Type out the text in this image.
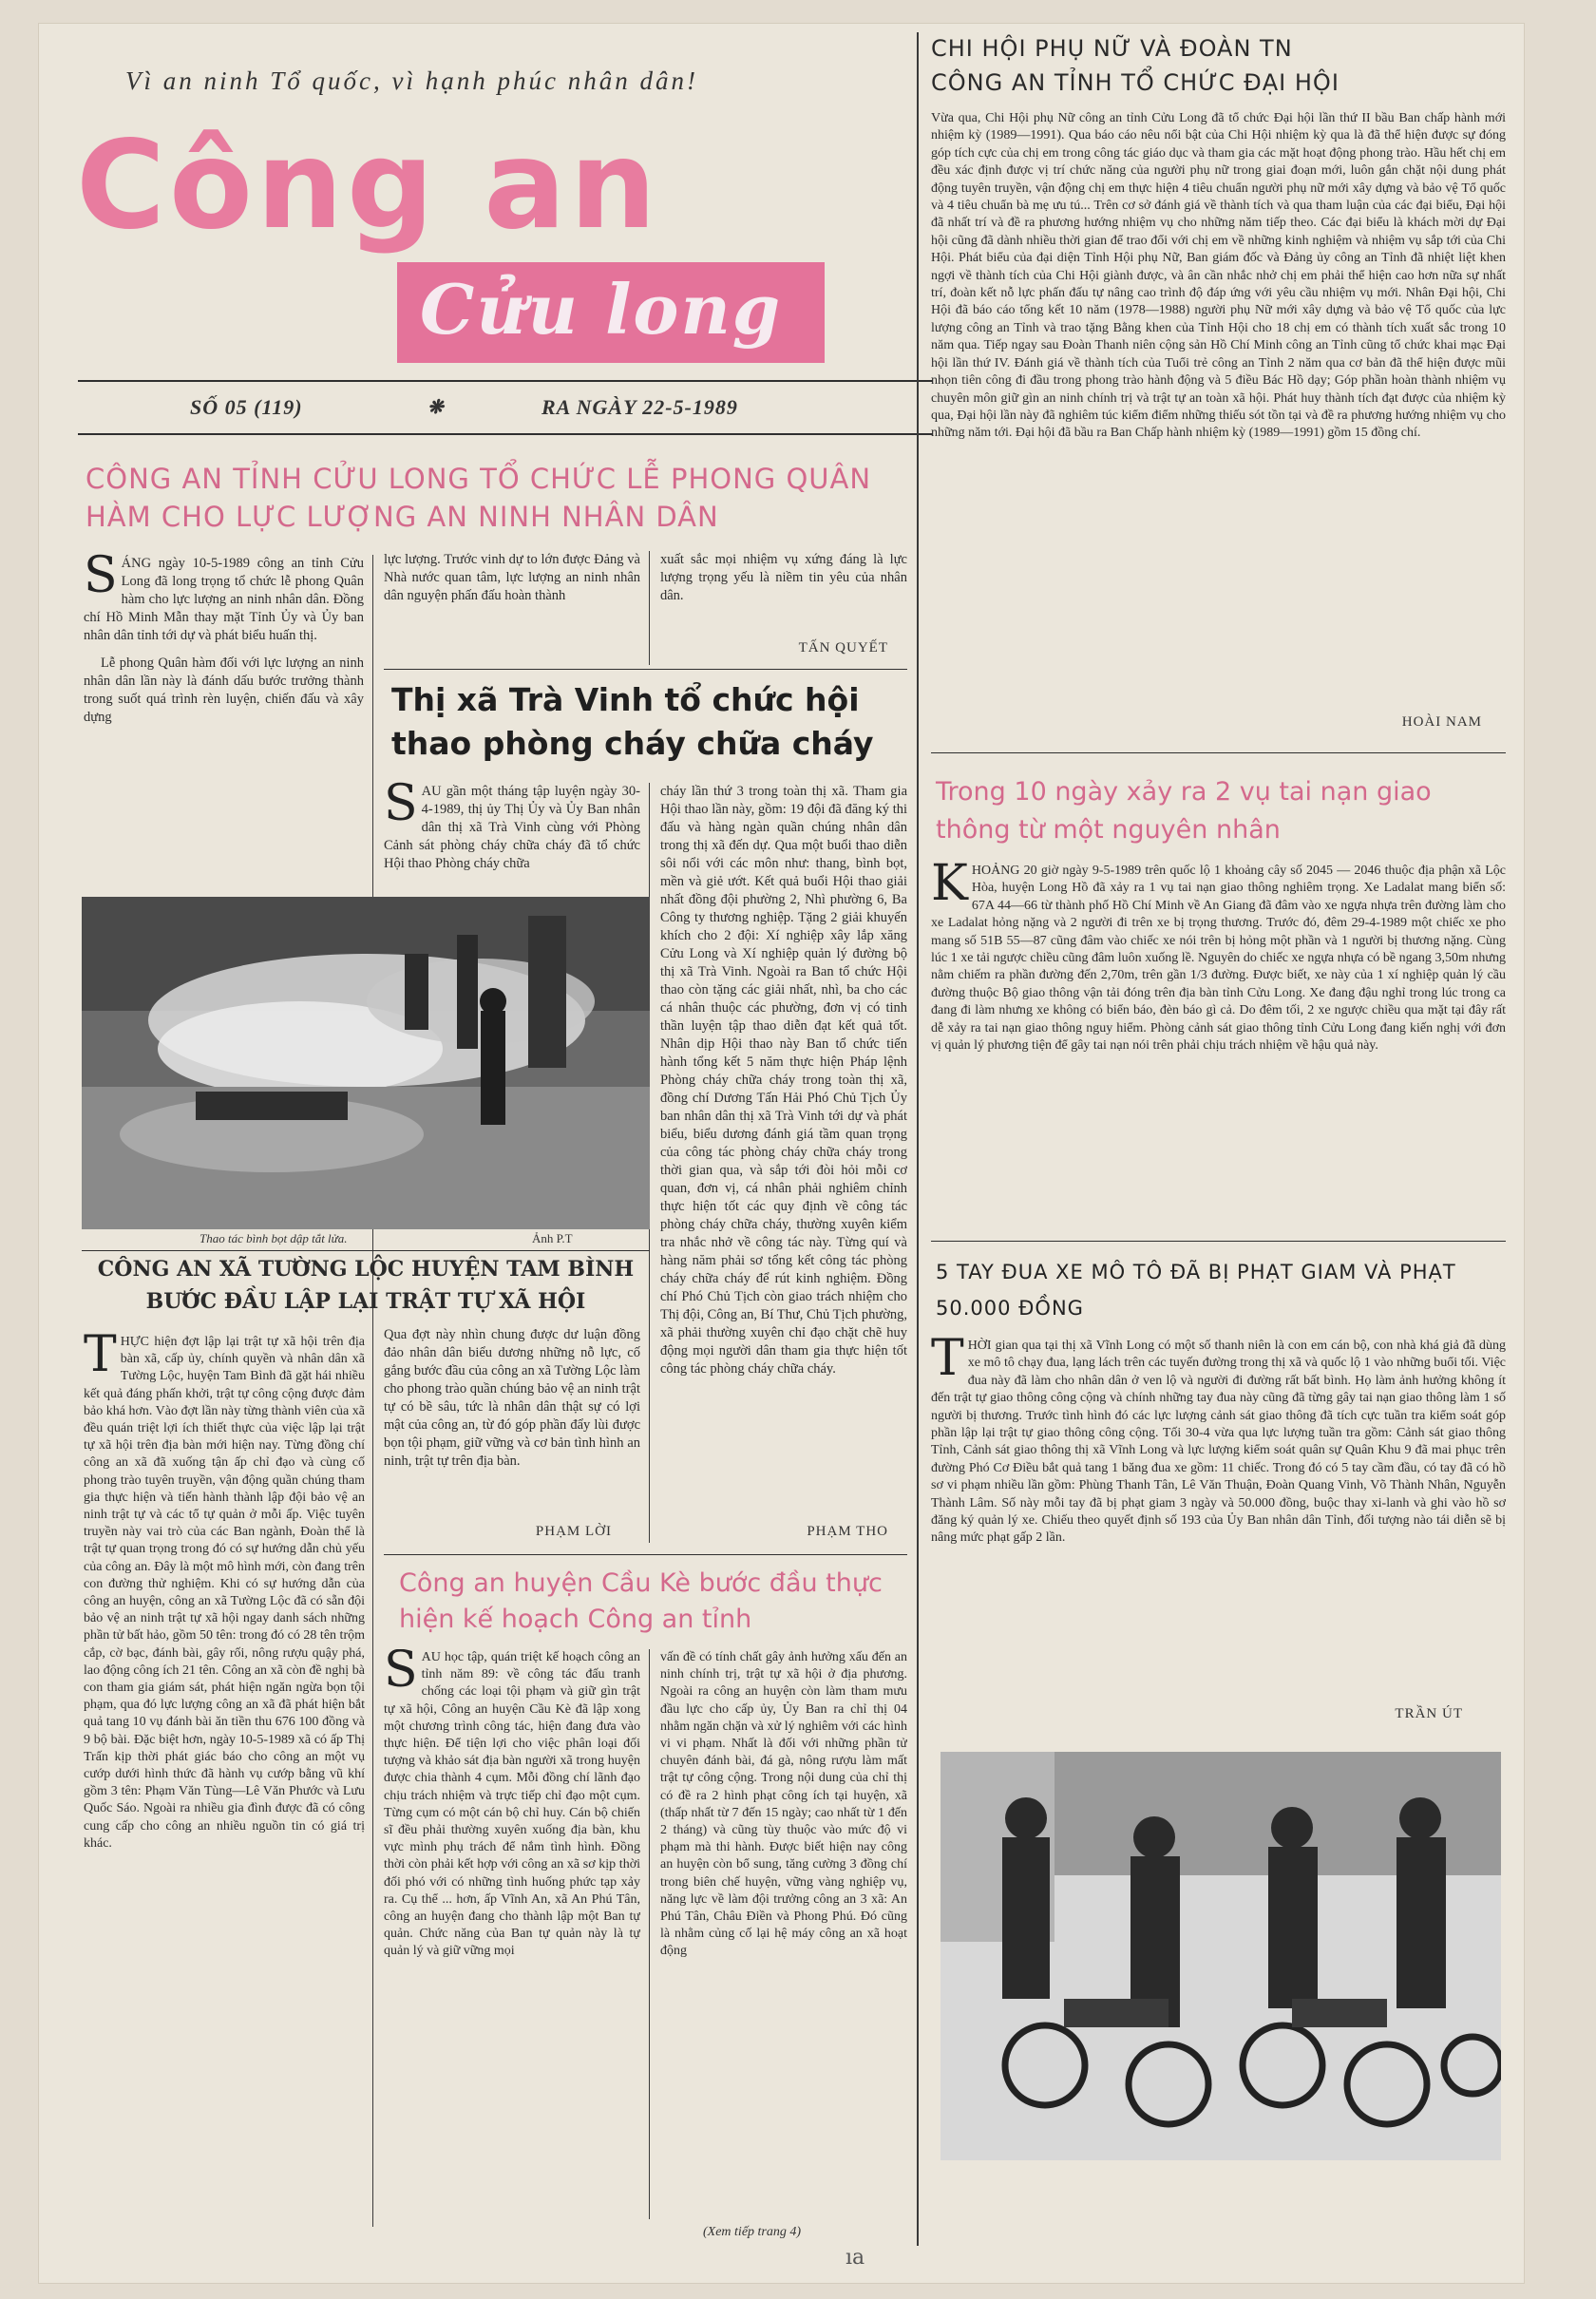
Vì an ninh Tổ quốc, vì hạnh phúc nhân dân!
Công an
Cửu long
SỐ 05 (119)	❋	RA NGÀY 22-5-1989
CÔNG AN TỈNH CỬU LONG TỔ CHỨC LỄ PHONG QUÂN HÀM CHO LỰC LƯỢNG AN NINH NHÂN DÂN
S ÁNG ngày 10-5-1989 công an tỉnh Cửu Long đã long trọng tổ chức lễ phong Quân hàm cho lực lượng an ninh nhân dân. Đồng chí Hồ Minh Mẫn thay mặt Tỉnh Ủy và Ủy ban nhân dân tỉnh tới dự và phát biểu huấn thị.

Lễ phong Quân hàm đối với lực lượng an ninh nhân dân lần này là đánh dấu bước trưởng thành trong suốt quá trình rèn luyện, chiến đấu và xây dựng

lực lượng. Trước vinh dự to lớn được Đảng và Nhà nước quan tâm, lực lượng an ninh nhân dân nguyện phấn đấu hoàn thành
xuất sắc mọi nhiệm vụ xứng đáng là lực lượng trọng yếu là niềm tin yêu của nhân dân.
TẤN QUYẾT
Thị xã Trà Vinh tổ chức hội thao phòng cháy chữa cháy
S AU gần một tháng tập luyện ngày 30-4-1989, thị ủy Thị Ủy và Ủy Ban nhân dân thị xã Trà Vinh cùng với Phòng Cảnh sát phòng cháy chữa cháy đã tổ chức Hội thao Phòng cháy chữa
cháy lần thứ 3 trong toàn thị xã. Tham gia Hội thao lần này, gồm: 19 đội đã đăng ký thi đấu và hàng ngàn quần chúng nhân dân trong thị xã đến dự. Qua một buổi thao diễn sôi nổi với các môn như: thang, bình bọt, mền và giẻ ướt. Kết quả buổi Hội thao giải nhất đồng đội phường 2, Nhì phường 6, Ba Công ty thương nghiệp. Tặng 2 giải khuyến khích cho 2 đội: Xí nghiệp xây lắp xăng Cửu Long và Xí nghiệp quản lý đường bộ thị xã Trà Vinh. Ngoài ra Ban tổ chức Hội thao còn tặng các giải nhất, nhì, ba cho các cá nhân thuộc các phường, đơn vị có tinh thần luyện tập thao diễn đạt kết quả tốt. Nhân dịp Hội thao này Ban tổ chức tiến hành tổng kết 5 năm thực hiện Pháp lệnh Phòng cháy chữa cháy trong toàn thị xã, đồng chí Dương Tấn Hải Phó Chủ Tịch Ủy ban nhân dân thị xã Trà Vinh tới dự và phát biểu, biểu dương đánh giá tầm quan trọng của công tác phòng cháy chữa cháy trong thời gian qua, và sắp tới đòi hỏi mỗi cơ quan, đơn vị, cá nhân phải nghiêm chỉnh thực hiện tốt các quy định về công tác phòng cháy chữa cháy, thường xuyên kiểm tra nhắc nhở về công tác này. Từng quí và hàng năm phải sơ tổng kết công tác phòng cháy chữa cháy để rút kinh nghiệm. Đồng chí Phó Chủ Tịch còn giao trách nhiệm cho Thị đội, Công an, Bí Thư, Chủ Tịch phường, xã phải thường xuyên chỉ đạo chặt chẽ huy động mọi người dân tham gia thực hiện tốt công tác phòng cháy chữa cháy.
PHẠM THO
Thao tác bình bọt dập tắt lửa.	Ảnh P.T
CÔNG AN XÃ TƯỜNG LỘC HUYỆN TAM BÌNH
BƯỚC ĐẦU LẬP LẠI TRẬT TỰ XÃ HỘI
T HỰC hiện đợt lập lại trật tự xã hội trên địa bàn xã, cấp ủy, chính quyền và nhân dân xã Tường Lộc, huyện Tam Bình đã gặt hái nhiều kết quả đáng phấn khởi, trật tự công cộng được đảm bảo khá hơn. Vào đợt lần này từng thành viên của xã đều quán triệt lợi ích thiết thực của việc lập lại trật tự xã hội trên địa bàn mới hiện nay. Từng đồng chí công an xã đã xuống tận ấp chỉ đạo và cùng cố phong trào tuyên truyền, vận động quần chúng tham gia thực hiện và tiến hành thành lập đội bảo vệ an ninh trật tự và các tổ tự quản ở mỗi ấp. Việc tuyên truyền này vai trò của các Ban ngành, Đoàn thể là trật tự quan trọng trong đó có sự hướng dẫn chủ yếu của công an. Đây là một mô hình mới, còn đang trên con đường thử nghiệm. Khi có sự hướng dẫn của công an huyện, công an xã Tường Lộc đã có sẵn đội bảo vệ an ninh trật tự xã hội ngay danh sách những phần tử bất hảo, gồm 50 tên: trong đó có 28 tên trộm cắp, cờ bạc, đánh bài, gây rối, nông rượu quậy phá, lao động công ích 21 tên. Công an xã còn đề nghị bà con tham gia giám sát, phát hiện ngăn ngừa bọn tội phạm, qua đó lực lượng công an xã đã phát hiện bắt quả tang 10 vụ đánh bài ăn tiền thu 676 100 đồng và 9 bộ bài. Đặc biệt hơn, ngày 10-5-1989 xã có ấp Thị Trấn kịp thời phát giác báo cho công an một vụ cướp dưới hình thức đã hành vụ cướp bằng vũ khí gồm 3 tên: Phạm Văn Tùng—Lê Văn Phước và Lưu Quốc Sáo. Ngoài ra nhiều gia đình được đã có công cung cấp cho công an nhiều nguồn tin có giá trị khác.
Qua đợt này nhìn chung được dư luận đồng đảo nhân dân biểu dương những nỗ lực, cố gắng bước đầu của công an xã Tường Lộc làm cho phong trào quần chúng bảo vệ an ninh trật tự có bề sâu, tức là nhân dân thật sự có lợi mật của công an, từ đó góp phần đẩy lùi được bọn tội phạm, giữ vững và cơ bản tình hình an ninh, trật tự trên địa bàn.
PHẠM LỜI
Công an huyện Cầu Kè bước đầu thực hiện kế hoạch Công an tỉnh
S AU học tập, quán triệt kế hoạch công an tỉnh năm 89: về công tác đấu tranh chống các loại tội phạm và giữ gìn trật tự xã hội, Công an huyện Cầu Kè đã lập xong một chương trình công tác, hiện đang đưa vào thực hiện. Để tiện lợi cho việc phân loại đối tượng và khảo sát địa bàn người xã trong huyện được chia thành 4 cụm. Mỗi đồng chí lãnh đạo chịu trách nhiệm và trực tiếp chỉ đạo một cụm. Từng cụm có một cán bộ chỉ huy. Cán bộ chiến sĩ đều phải thường xuyên xuống địa bàn, khu vực mình phụ trách để nắm tình hình. Đồng thời còn phải kết hợp với công an xã sơ kịp thời đối phó với có những tình huống phức tạp xảy ra. Cụ thể ... hơn, ấp Vĩnh An, xã An Phú Tân, công an huyện đang cho thành lập một Ban tự quản. Chức năng của Ban tự quản này là tự quản lý và giữ vững mọi
vấn đề có tính chất gây ảnh hưởng xấu đến an ninh chính trị, trật tự xã hội ở địa phương. Ngoài ra công an huyện còn làm tham mưu đầu lực cho cấp ủy, Ủy Ban ra chỉ thị 04 nhằm ngăn chặn và xử lý nghiêm với các hình vi vi phạm. Nhất là đối với những phần tử chuyên đánh bài, đá gà, nông rượu làm mất trật tự công cộng. Trong nội dung của chỉ thị có đề ra 2 hình phạt công ích tại huyện, xã (thấp nhất từ 7 đến 15 ngày; cao nhất từ 1 đến 2 tháng) và cũng tùy thuộc vào mức độ vi phạm mà thi hành. Được biết hiện nay công an huyện còn bổ sung, tăng cường 3 đồng chí trong biên chế huyện, vững vàng nghiệp vụ, năng lực về làm đội trưởng công an 3 xã: An Phú Tân, Châu Điền và Phong Phú. Đó cũng là nhằm củng cố lại hệ máy công an xã hoạt động
(Xem tiếp trang 4)
CHI HỘI PHỤ NỮ VÀ ĐOÀN TN
CÔNG AN TỈNH TỔ CHỨC ĐẠI HỘI
Vừa qua, Chi Hội phụ Nữ công an tỉnh Cửu Long đã tổ chức Đại hội lần thứ II bầu Ban chấp hành mới nhiệm kỳ (1989—1991). Qua báo cáo nêu nổi bật của Chi Hội nhiệm kỳ qua là đã thể hiện được sự đóng góp tích cực của chị em trong công tác giáo dục và tham gia các mặt hoạt động phong trào. Hầu hết chị em đều xác định được vị trí chức năng của người phụ nữ trong giai đoạn mới, luôn gắn chặt nội dung phát động tuyên truyền, vận động chị em thực hiện 4 tiêu chuẩn người phụ nữ mới xây dựng và bảo vệ Tổ quốc và 4 tiêu chuẩn bà mẹ ưu tú... Trên cơ sở đánh giá về thành tích và qua tham luận của các đại biểu, Đại hội đã nhất trí và đề ra phương hướng nhiệm vụ cho những năm tiếp theo. Các đại biểu là khách mời dự Đại hội cũng đã dành nhiều thời gian để trao đổi với chị em về những kinh nghiệm và nhiệm vụ sắp tới của Chi Hội. Phát biểu của đại diện Tỉnh Hội phụ Nữ, Ban giám đốc và Đảng ủy công an Tỉnh đã nhiệt liệt khen ngợi về thành tích của Chi Hội giành được, và ân cần nhắc nhở chị em phải thể hiện cao hơn nữa sự nhất trí, đoàn kết nỗ lực phấn đấu tự nâng cao trình độ đáp ứng với yêu cầu nhiệm vụ mới. Nhân Đại hội, Chi Hội đã báo cáo tổng kết 10 năm (1978—1988) người phụ Nữ mới xây dựng và bảo vệ Tổ quốc của lực lượng công an Tỉnh và trao tặng Bằng khen của Tỉnh Hội cho 18 chị em có thành tích xuất sắc trong 10 năm qua. Tiếp ngay sau Đoàn Thanh niên cộng sản Hồ Chí Minh công an Tỉnh cũng tổ chức khai mạc Đại hội lần thứ IV. Đánh giá về thành tích của Tuổi trẻ công an Tỉnh 2 năm qua cơ bản đã thể hiện được mũi nhọn tiên công đi đầu trong phong trào hành động và 5 điều Bác Hồ dạy; Góp phần hoàn thành nhiệm vụ chuyên môn giữ gìn an ninh chính trị và trật tự an toàn xã hội. Phát huy thành tích đạt được của nhiệm kỳ qua, Đại hội lần này đã nghiêm túc kiểm điểm những thiếu sót tồn tại và đề ra phương hướng nhiệm vụ cho những năm tới. Đại hội đã bầu ra Ban Chấp hành nhiệm kỳ (1989—1991) gồm 15 đồng chí.
HOÀI NAM
Trong 10 ngày xảy ra 2 vụ tai nạn giao thông từ một nguyên nhân
K HOẢNG 20 giờ ngày 9-5-1989 trên quốc lộ 1 khoảng cây số 2045 — 2046 thuộc địa phận xã Lộc Hòa, huyện Long Hồ đã xảy ra 1 vụ tai nạn giao thông nghiêm trọng. Xe Ladalat mang biển số: 67A 44—66 từ thành phố Hồ Chí Minh về An Giang đã đâm vào xe ngựa nhựa trên đường làm cho xe Ladalat hỏng nặng và 2 người đi trên xe bị trọng thương. Trước đó, đêm 29-4-1989 một chiếc xe pho mang số 51B 55—87 cũng đâm vào chiếc xe nói trên bị hỏng một phần và 1 người bị thương nặng. Cùng lúc 1 xe tải ngược chiều cũng đâm luôn xuống lề. Nguyên do chiếc xe ngựa nhựa có bề ngang 3,50m nhưng nằm chiếm ra phần đường đến 2,70m, trên gần 1/3 đường. Được biết, xe này của 1 xí nghiệp quản lý cầu đường thuộc Bộ giao thông vận tải đóng trên địa bàn tỉnh Cửu Long. Xe đang đậu nghỉ trong lúc trong ca đang đi làm nhưng xe không có biển báo, đèn báo gì cả. Do đêm tối, 2 xe ngược chiều qua mặt tại đây rất dễ xảy ra tai nạn giao thông nguy hiểm. Phòng cảnh sát giao thông tỉnh Cửu Long đang kiến nghị với đơn vị quản lý phương tiện để gây tai nạn nói trên phải chịu trách nhiệm về hậu quả này.
5 TAY ĐUA XE MÔ TÔ ĐÃ BỊ PHẠT GIAM VÀ PHẠT 50.000 ĐỒNG
T HỜI gian qua tại thị xã Vĩnh Long có một số thanh niên là con em cán bộ, con nhà khá giả đã dùng xe mô tô chạy đua, lạng lách trên các tuyến đường trong thị xã và quốc lộ 1 vào những buổi tối. Việc đua này đã làm cho nhân dân ở ven lộ và người đi đường rất bất bình. Họ làm ảnh hưởng không ít đến trật tự giao thông công cộng và chính những tay đua này cũng đã từng gây tai nạn giao thông làm 1 số người bị thương. Trước tình hình đó các lực lượng cảnh sát giao thông đã tích cực tuần tra kiểm soát góp phần lập lại trật tự giao thông công cộng. Tối 30-4 vừa qua lực lượng tuần tra gồm: Cảnh sát giao thông Tỉnh, Cảnh sát giao thông thị xã Vĩnh Long và lực lượng kiểm soát quân sự Quân Khu 9 đã mai phục trên đường Phó Cơ Điều bắt quả tang 1 băng đua xe gồm: 11 chiếc. Trong đó có 5 tay cầm đầu, có tay đã có hồ sơ vi phạm nhiều lần gồm: Phùng Thanh Tân, Lê Văn Thuận, Đoàn Quang Vinh, Võ Thành Nhân, Nguyễn Thành Lâm. Số này mỗi tay đã bị phạt giam 3 ngày và 50.000 đồng, buộc thay xi-lanh và ghi vào hồ sơ đăng ký quản lý xe. Chiếu theo quyết định số 193 của Ủy Ban nhân dân Tỉnh, đối tượng nào tái diễn sẽ bị nâng mức phạt gấp 2 lần.
TRẦN ÚT
ıa
